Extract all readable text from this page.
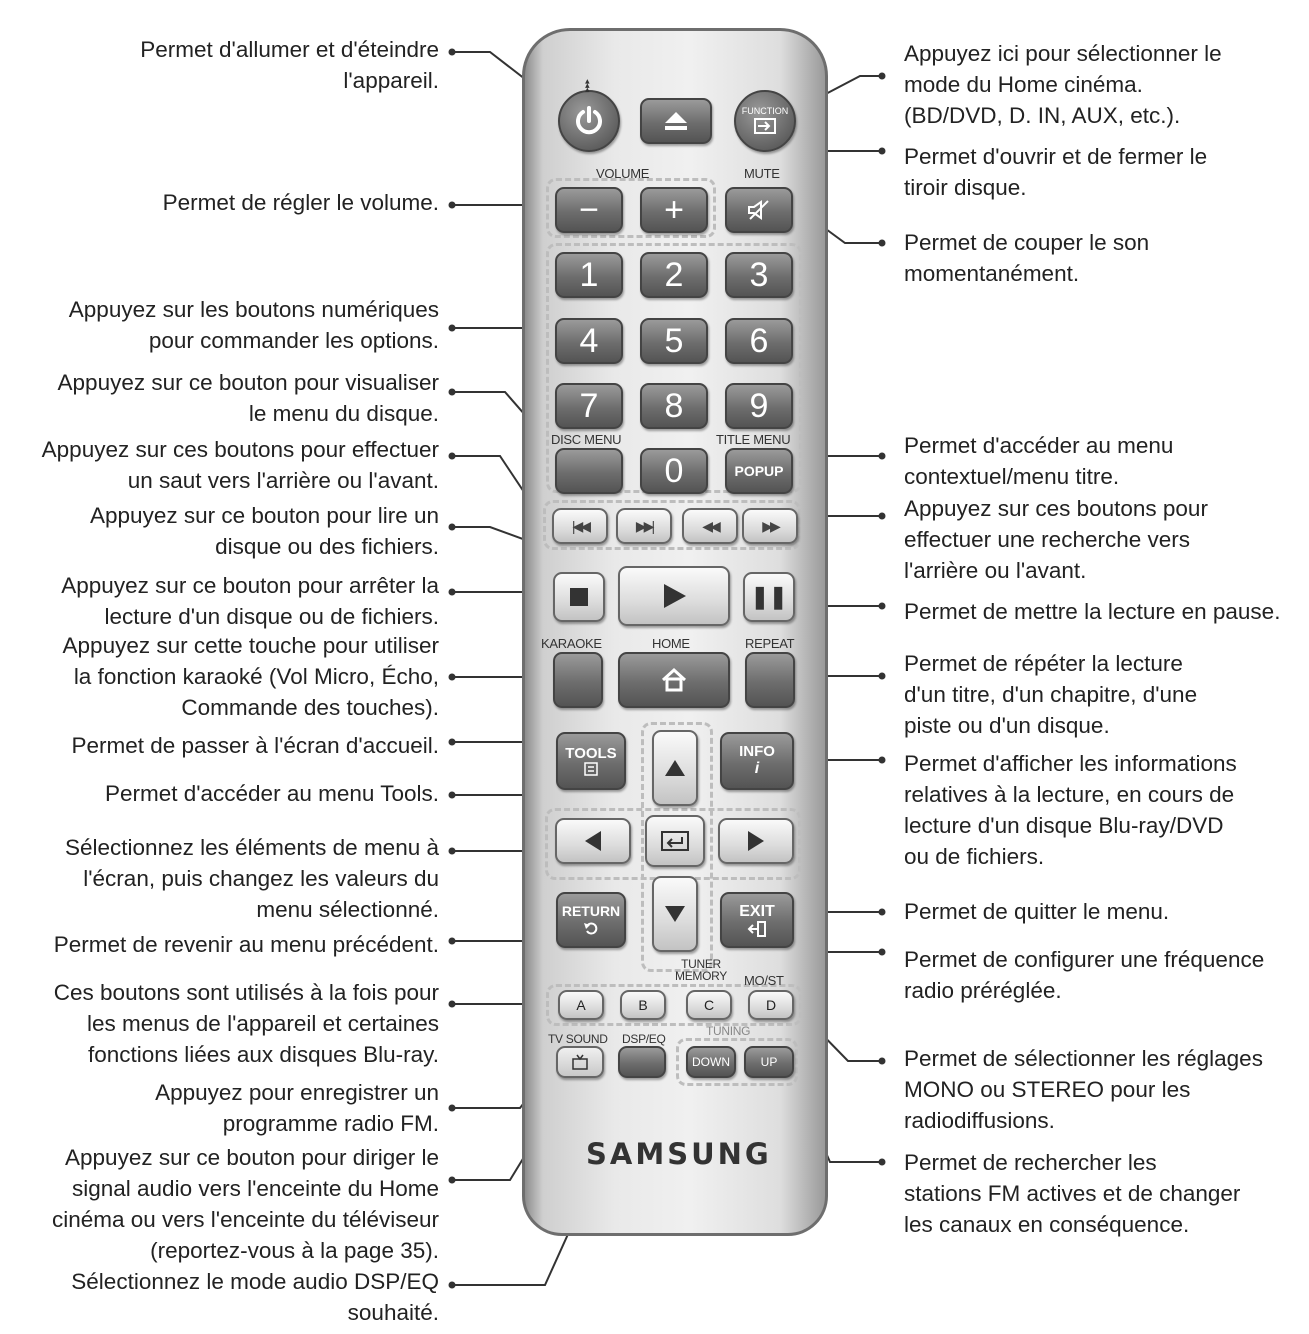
Permet d'allumer et d'éteindre
l'appareil.
Permet de régler le volume.
Appuyez sur les boutons numériques
pour commander les options.
Appuyez sur ce bouton pour visualiser
le menu du disque.
Appuyez sur ces boutons pour effectuer
un saut vers l'arrière ou l'avant.
Appuyez sur ce bouton pour lire un
disque ou des fichiers.
Appuyez sur ce bouton pour arrêter la
lecture d'un disque ou de fichiers.
Appuyez sur cette touche pour utiliser
la fonction karaoké (Vol Micro, Écho,
Commande des touches).
Permet de passer à l'écran d'accueil.
Permet d'accéder au menu Tools.
Sélectionnez les éléments de menu à
l'écran, puis changez les valeurs du
menu sélectionné.
Permet de revenir au menu précédent.
Ces boutons sont utilisés à la fois pour
les menus de l'appareil et certaines
fonctions liées aux disques Blu-ray.
Appuyez pour enregistrer un
programme radio FM.
Appuyez sur ce bouton pour diriger le
signal audio vers l'enceinte du Home
cinéma ou vers l'enceinte du téléviseur
(reportez-vous à la page 35).
Sélectionnez le mode audio DSP/EQ
souhaité.
Appuyez ici pour sélectionner le
mode du Home cinéma.
(BD/DVD, D. IN, AUX, etc.).
Permet d'ouvrir et de fermer le
tiroir disque.
Permet de couper le son
momentanément.
Permet d'accéder au menu
contextuel/menu titre.
Appuyez sur ces boutons pour
effectuer une recherche vers
l'arrière ou l'avant.
Permet de mettre la lecture en pause.
Permet de répéter la lecture
d'un titre, d'un chapitre, d'une
piste ou d'un disque.
Permet d'afficher les informations
relatives à la lecture, en cours de
lecture d'un disque Blu-ray/DVD
ou de fichiers.
Permet de quitter le menu.
Permet de configurer une fréquence
radio préréglée.
Permet de sélectionner les réglages
MONO ou STEREO pour les
radiodiffusions.
Permet de rechercher les
stations FM actives et de changer
les canaux en conséquence.
FUNCTION
◂◂◂
VOLUME	MUTE
−	+
1	2	3
4	5	6
7	8	9
DISC MENU	TITLE MENU
0	POPUP
|◀◀	▶▶|	◀◀	▶▶
❚❚
KARAOKE	HOME	REPEAT
TOOLS	INFO
i
RETURN	EXIT
TUNER
MEMORY MO/ST
A	B	C	D
TV SOUND DSP/EQ
TUNING
DOWN	UP
SAMSUNG
